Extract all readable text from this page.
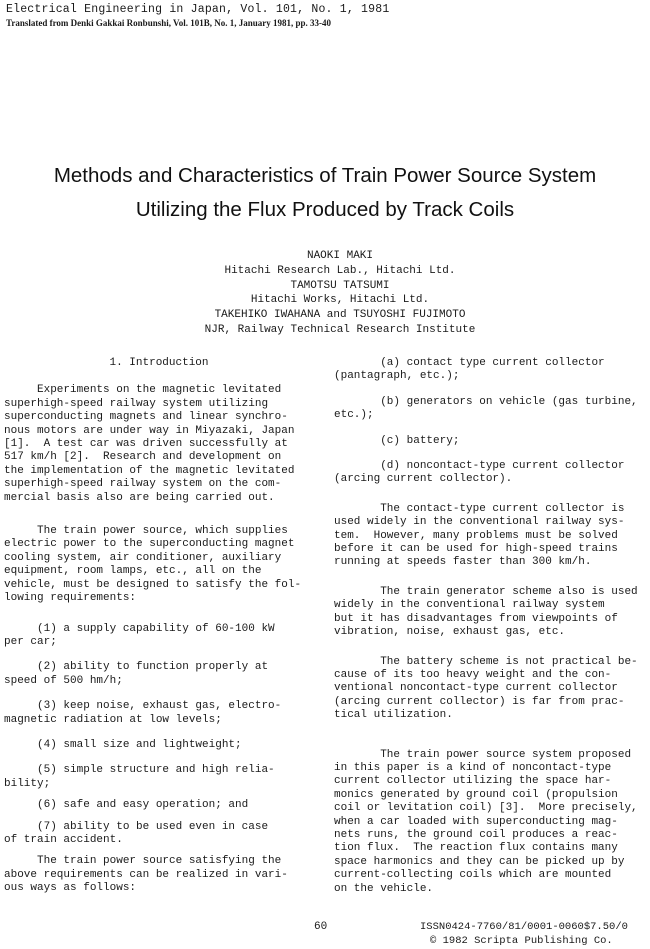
Electrical Engineering in Japan, Vol. 101, No. 1, 1981
Translated from Denki Gakkai Ronbunshi, Vol. 101B, No. 1, January 1981, pp. 33-40
Methods and Characteristics of Train Power Source System
Utilizing the Flux Produced by Track Coils
NAOKI MAKI
Hitachi Research Lab., Hitachi Ltd.
TAMOTSU TATSUMI
Hitachi Works, Hitachi Ltd.
TAKEHIKO IWAHANA and TSUYOSHI FUJIMOTO
NJR, Railway Technical Research Institute
1. Introduction
Experiments on the magnetic levitated
superhigh-speed railway system utilizing
superconducting magnets and linear synchro-
nous motors are under way in Miyazaki, Japan
[1].  A test car was driven successfully at
517 km/h [2].  Research and development on
the implementation of the magnetic levitated
superhigh-speed railway system on the com-
mercial basis also are being carried out.
The train power source, which supplies
electric power to the superconducting magnet
cooling system, air conditioner, auxiliary
equipment, room lamps, etc., all on the
vehicle, must be designed to satisfy the fol-
lowing requirements:
(1) a supply capability of 60-100 kW
per car;
(2) ability to function properly at
speed of 500 hm/h;
(3) keep noise, exhaust gas, electro-
magnetic radiation at low levels;
(4) small size and lightweight;
(5) simple structure and high relia-
bility;
(6) safe and easy operation; and
(7) ability to be used even in case
of train accident.
The train power source satisfying the
above requirements can be realized in vari-
ous ways as follows:
(a) contact type current collector
(pantagraph, etc.);
(b) generators on vehicle (gas turbine,
etc.);
(c) battery;
(d) noncontact-type current collector
(arcing current collector).
The contact-type current collector is
used widely in the conventional railway sys-
tem.  However, many problems must be solved
before it can be used for high-speed trains
running at speeds faster than 300 km/h.
The train generator scheme also is used
widely in the conventional railway system
but it has disadvantages from viewpoints of
vibration, noise, exhaust gas, etc.
The battery scheme is not practical be-
cause of its too heavy weight and the con-
ventional noncontact-type current collector
(arcing current collector) is far from prac-
tical utilization.
The train power source system proposed
in this paper is a kind of noncontact-type
current collector utilizing the space har-
monics generated by ground coil (propulsion
coil or levitation coil) [3].  More precisely,
when a car loaded with superconducting mag-
nets runs, the ground coil produces a reac-
tion flux.  The reaction flux contains many
space harmonics and they can be picked up by
current-collecting coils which are mounted
on the vehicle.
60	ISSN0424-7760/81/0001-0060$7.50/0
© 1982 Scripta Publishing Co.
